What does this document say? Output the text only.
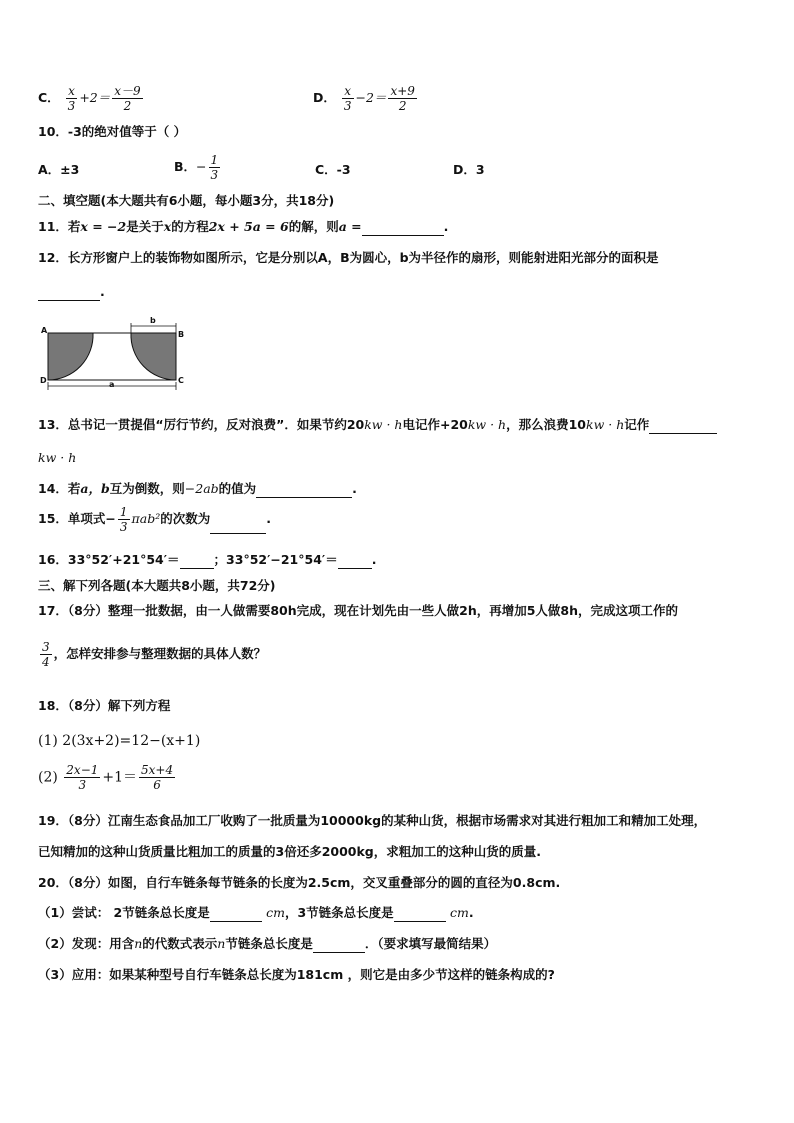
C． $\frac{x}{3} +2= \frac{x-9}{2}$	D． $\frac{x}{3} -2= \frac{x+9}{2}$
10．-3的绝对值等于（ ）
A．±3	B．− $\frac{1}{3}$	C．-3	D．3
二、填空题(本大题共有6小题，每小题3分，共18分)
11．若x = −2是关于x的方程2x + 5a = 6的解，则a =	.
12．长方形窗户上的装饰物如图所示，它是分别以A，B为圆心，b为半径作的扇形，则能射进阳光部分的面积是
.
A	B
D	C
b
a
13．总书记一贯提倡“厉行节约，反对浪费”．如果节约20kw · h电记作+20kw · h，那么浪费10kw · h记作
kw · h
14．若a，b互为倒数，则−2ab的值为	.
15．单项式− $\frac{1}{3} \pi ab^2$的次数为	.
16．33°52′+21°54′＝	；33°52′−21°54′＝	.
三、解下列各题(本大题共8小题，共72分)
17．（8分）整理一批数据，由一人做需要80h完成，现在计划先由一些人做2h，再增加5人做8h，完成这项工作的
$\frac{3}{4}$ ，怎样安排参与整理数据的具体人数？
18．（8分）解下列方程
(1) 2(3x+2)=12−(x+1)
$(2) \frac{2x-1}{3} +1= \frac{5x+4}{6}$
19．（8分）江南生态食品加工厂收购了一批质量为10000kg的某种山货，根据市场需求对其进行粗加工和精加工处理，
已知精加的这种山货质量比粗加工的质量的3倍还多2000kg，求粗加工的这种山货的质量.
20．（8分）如图，自行车链条每节链条的长度为2.5cm，交叉重叠部分的圆的直径为0.8cm.
（1）尝试： 2节链条总长度是	cm，3节链条总长度是	cm.
（2）发现：用含n的代数式表示n节链条总长度是	．（要求填写最简结果）
（3）应用：如果某种型号自行车链条总长度为181cm ，则它是由多少节这样的链条构成的?
